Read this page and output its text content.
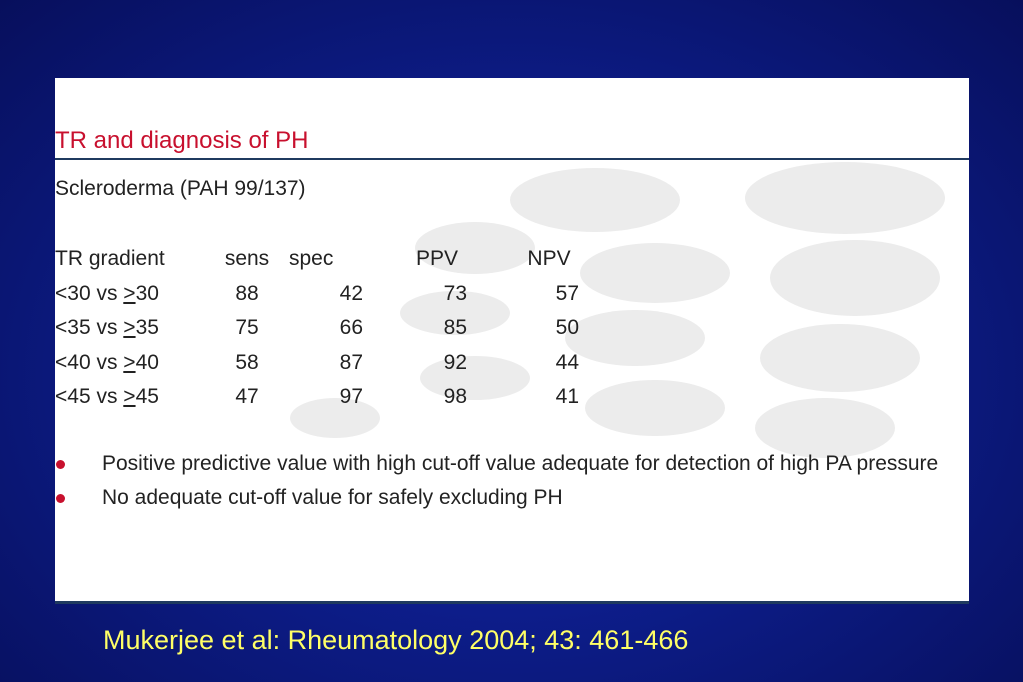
TR and diagnosis of PH
Scleroderma (PAH 99/137)
TR gradient	sens	spec	PPV	NPV
<30 vs >30	88	42	73	57
<35 vs >35	75	66	85	50
<40 vs >40	58	87	92	44
<45 vs >45	47	97	98	41
Positive predictive value with high cut-off value adequate for detection of high PA pressure
No adequate cut-off value for safely excluding PH
Mukerjee et al: Rheumatology 2004; 43: 461-466
